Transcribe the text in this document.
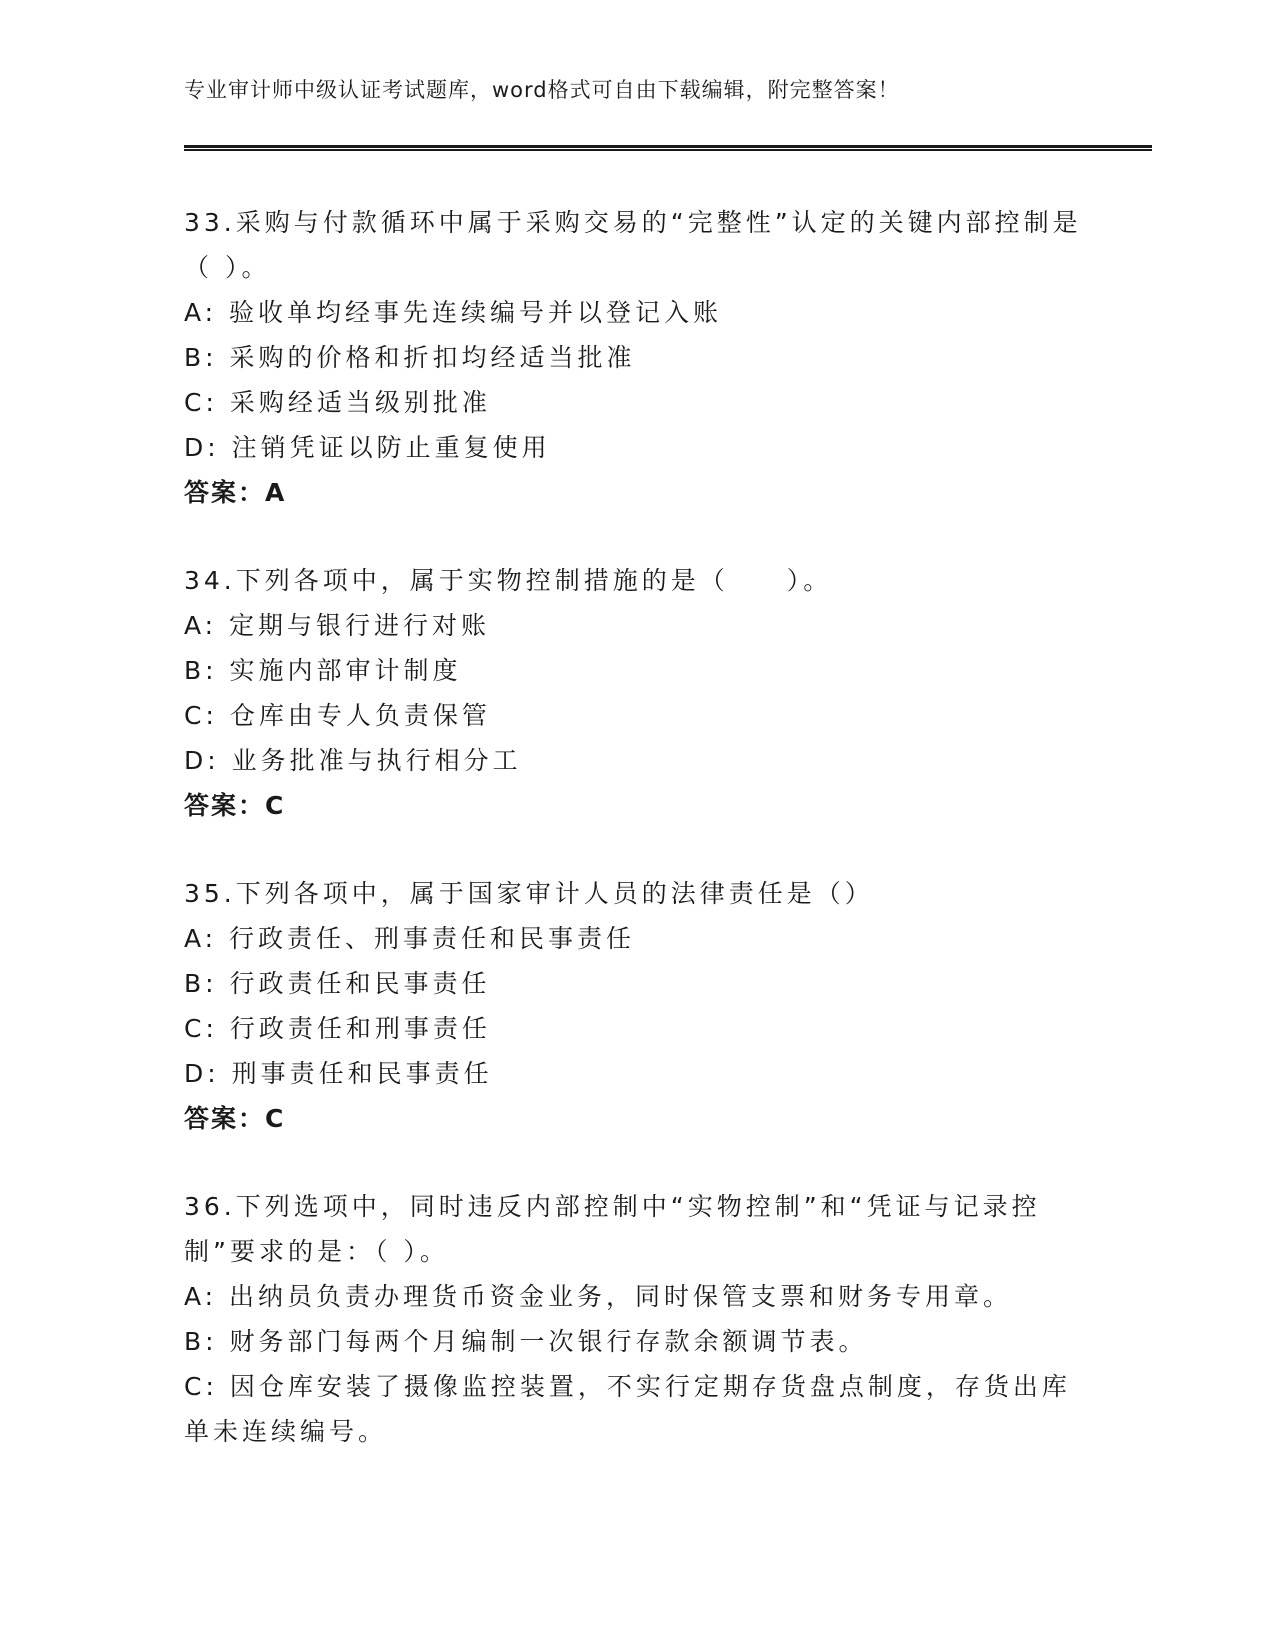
专业审计师中级认证考试题库，word格式可自由下载编辑，附完整答案！
33.采购与付款循环中属于采购交易的“完整性”认定的关键内部控制是（ ）。
A: 验收单均经事先连续编号并以登记入账
B: 采购的价格和折扣均经适当批准
C: 采购经适当级别批准
D: 注销凭证以防止重复使用
答案：A
34.下列各项中，属于实物控制措施的是（　　）。
A: 定期与银行进行对账
B: 实施内部审计制度
C: 仓库由专人负责保管
D: 业务批准与执行相分工
答案：C
35.下列各项中，属于国家审计人员的法律责任是（）
A: 行政责任、刑事责任和民事责任
B: 行政责任和民事责任
C: 行政责任和刑事责任
D: 刑事责任和民事责任
答案：C
36.下列选项中，同时违反内部控制中“实物控制”和“凭证与记录控制”要求的是：（ ）。
A: 出纳员负责办理货币资金业务，同时保管支票和财务专用章。
B: 财务部门每两个月编制一次银行存款余额调节表。
C: 因仓库安装了摄像监控装置，不实行定期存货盘点制度，存货出库单未连续编号。
